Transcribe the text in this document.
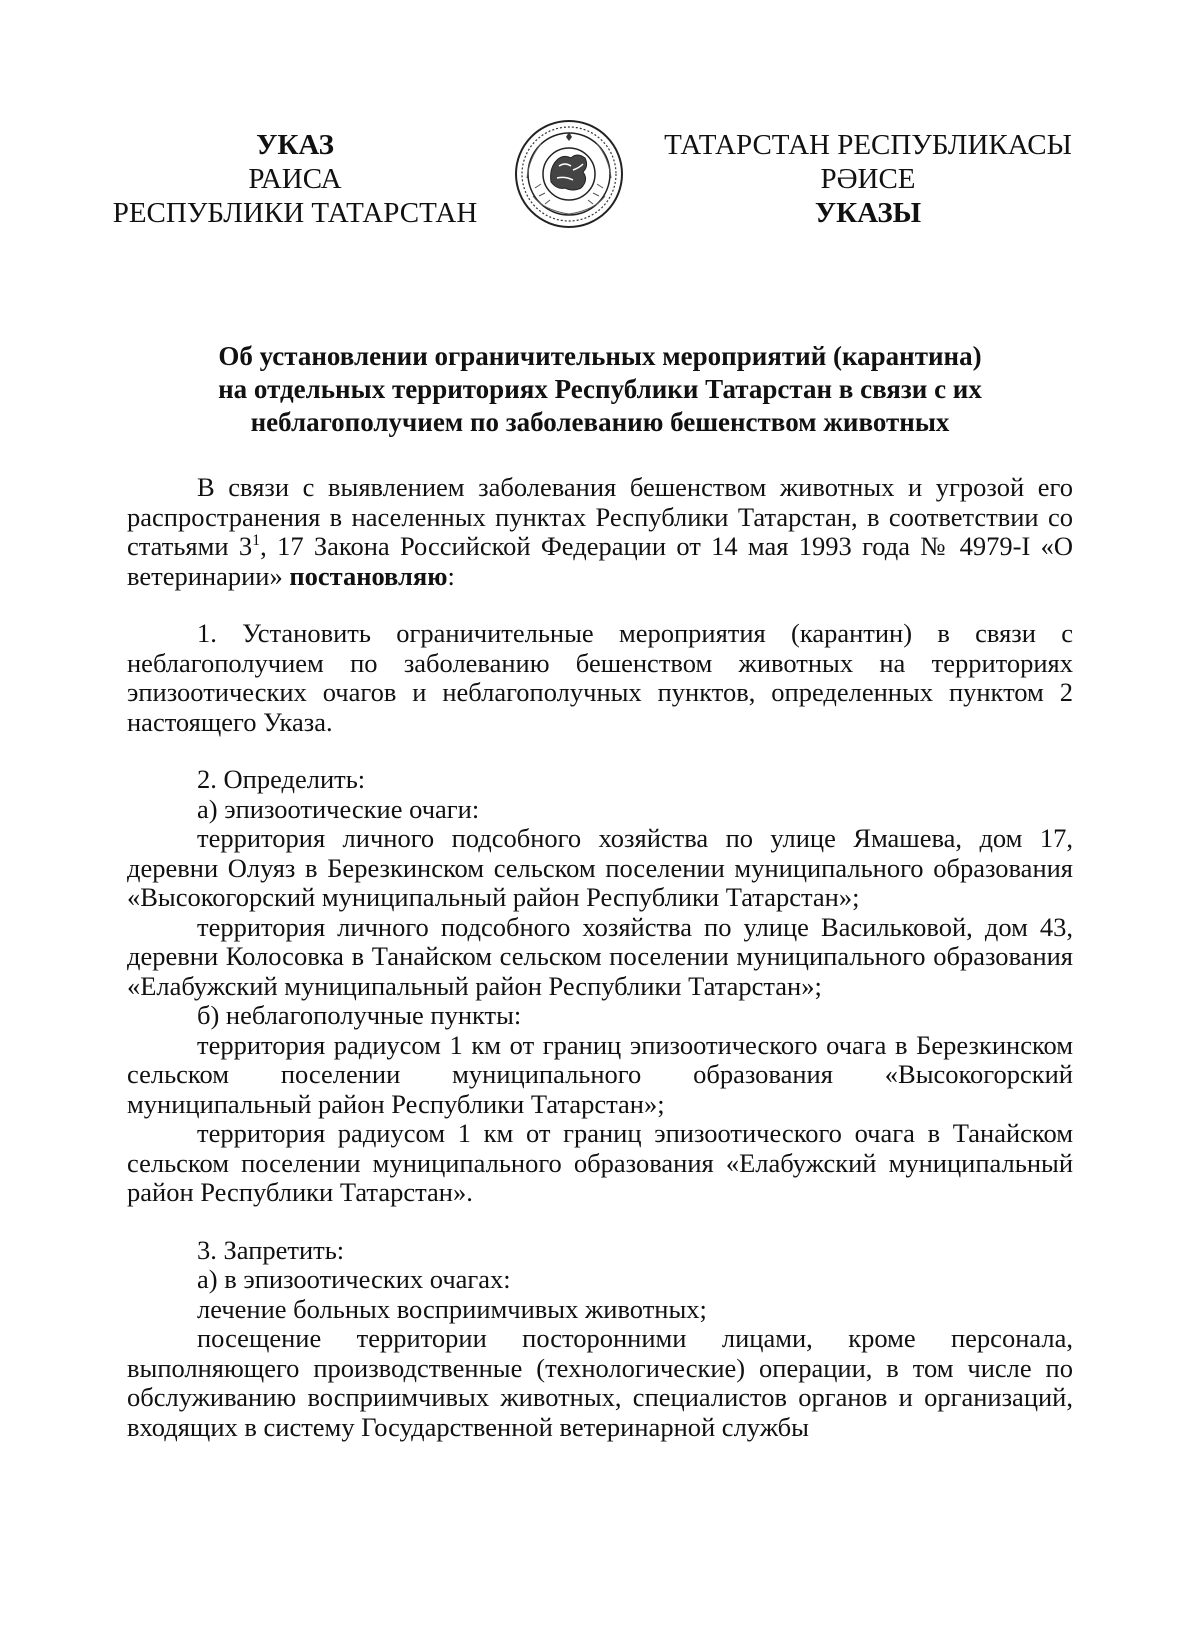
УКАЗ
РАИСА
РЕСПУБЛИКИ ТАТАРСТАН
ТАТАРСТАН РЕСПУБЛИКАСЫ
РӘИСЕ
УКАЗЫ
Об установлении ограничительных мероприятий (карантина)
на отдельных территориях Республики Татарстан в связи с их
неблагополучием по заболеванию бешенством животных

В связи с выявлением заболевания бешенством животных и угрозой его распространения в населенных пунктах Республики Татарстан, в соответствии со статьями $3^1$, 17 Закона Российской Федерации от 14 мая 1993 года № 4979-I «О ветеринарии» постановляю:

1. Установить ограничительные мероприятия (карантин) в связи с неблагополучием по заболеванию бешенством животных на территориях эпизоотических очагов и неблагополучных пунктов, определенных пунктом 2 настоящего Указа.

2. Определить:

а) эпизоотические очаги:

территория личного подсобного хозяйства по улице Ямашева, дом 17, деревни Олуяз в Березкинском сельском поселении муниципального образования «Высокогорский муниципальный район Республики Татарстан»;

территория личного подсобного хозяйства по улице Васильковой, дом 43, деревни Колосовка в Танайском сельском поселении муниципального образования «Елабужский муниципальный район Республики Татарстан»;

б) неблагополучные пункты:

территория радиусом 1 км от границ эпизоотического очага в Березкинском сельском поселении муниципального образования «Высокогорский муниципальный район Республики Татарстан»;

территория радиусом 1 км от границ эпизоотического очага в Танайском сельском поселении муниципального образования «Елабужский муниципальный район Республики Татарстан».

3. Запретить:

а) в эпизоотических очагах:

лечение больных восприимчивых животных;

посещение территории посторонними лицами, кроме персонала, выполняющего производственные (технологические) операции, в том числе по обслуживанию восприимчивых животных, специалистов органов и организаций, входящих в систему Государственной ветеринарной службы
